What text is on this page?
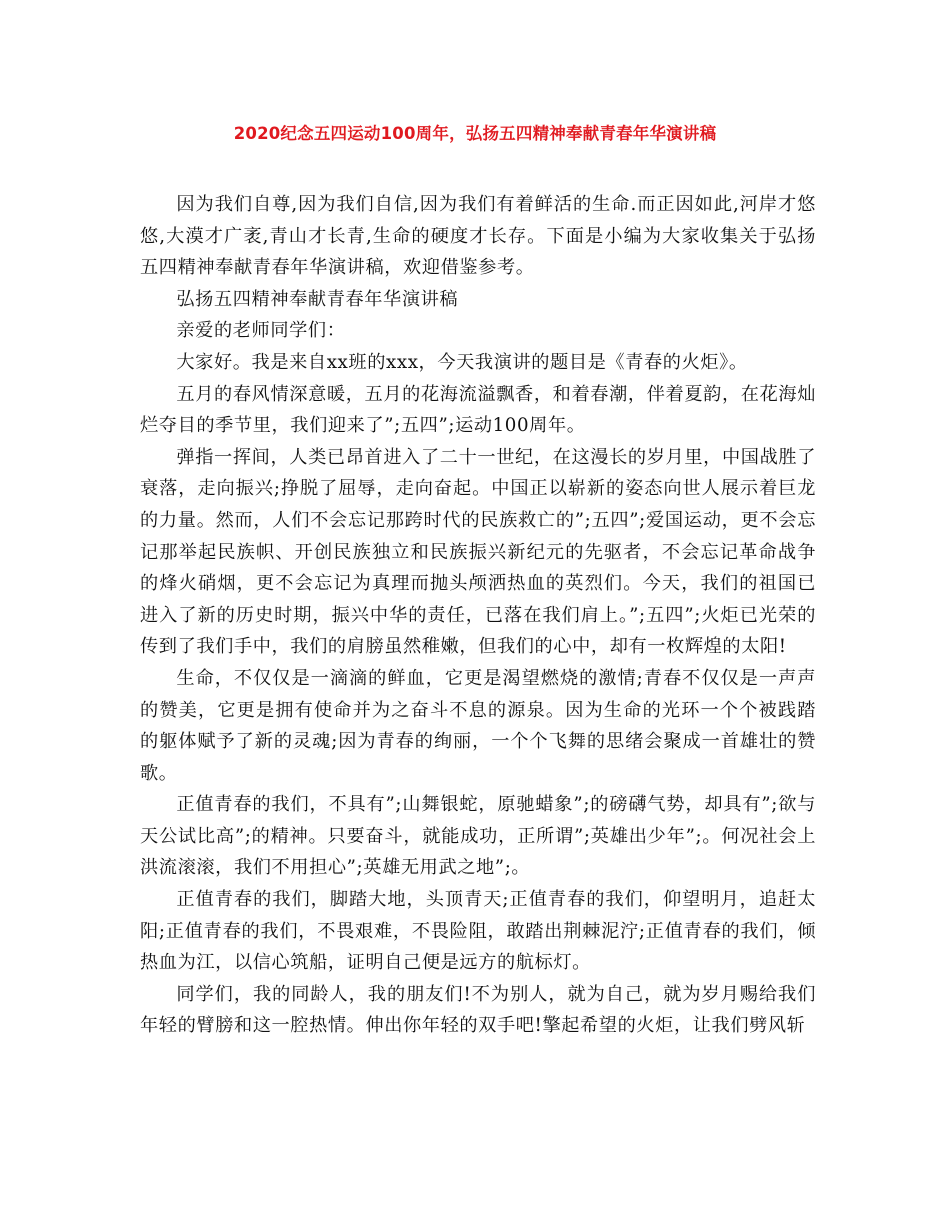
2020纪念五四运动100周年，弘扬五四精神奉献青春年华演讲稿

因为我们自尊,因为我们自信,因为我们有着鲜活的生命.而正因如此,河岸才悠悠,大漠才广袤,青山才长青,生命的硬度才长存。下面是小编为大家收集关于弘扬五四精神奉献青春年华演讲稿，欢迎借鉴参考。

弘扬五四精神奉献青春年华演讲稿

亲爱的老师同学们：

大家好。我是来自xx班的xxx，今天我演讲的题目是《青春的火炬》。

五月的春风情深意暖，五月的花海流溢飘香，和着春潮，伴着夏韵，在花海灿烂夺目的季节里，我们迎来了”;五四”;运动100周年。

弹指一挥间，人类已昂首进入了二十一世纪，在这漫长的岁月里，中国战胜了衰落，走向振兴;挣脱了屈辱，走向奋起。中国正以崭新的姿态向世人展示着巨龙的力量。然而，人们不会忘记那跨时代的民族救亡的”;五四”;爱国运动，更不会忘记那举起民族帜、开创民族独立和民族振兴新纪元的先驱者，不会忘记革命战争的烽火硝烟，更不会忘记为真理而抛头颅洒热血的英烈们。今天，我们的祖国已进入了新的历史时期，振兴中华的责任，已落在我们肩上。”;五四”;火炬已光荣的传到了我们手中，我们的肩膀虽然稚嫩，但我们的心中，却有一枚辉煌的太阳!

生命，不仅仅是一滴滴的鲜血，它更是渴望燃烧的激情;青春不仅仅是一声声的赞美，它更是拥有使命并为之奋斗不息的源泉。因为生命的光环一个个被践踏的躯体赋予了新的灵魂;因为青春的绚丽，一个个飞舞的思绪会聚成一首雄壮的赞歌。

正值青春的我们，不具有”;山舞银蛇，原驰蜡象”;的磅礴气势，却具有”;欲与天公试比高”;的精神。只要奋斗，就能成功，正所谓”;英雄出少年”;。何况社会上洪流滚滚，我们不用担心”;英雄无用武之地”;。

正值青春的我们，脚踏大地，头顶青天;正值青春的我们，仰望明月，追赶太阳;正值青春的我们，不畏艰难，不畏险阻，敢踏出荆棘泥泞;正值青春的我们，倾热血为江，以信心筑船，证明自己便是远方的航标灯。

同学们，我的同龄人，我的朋友们!不为别人，就为自己，就为岁月赐给我们年轻的臂膀和这一腔热情。伸出你年轻的双手吧!擎起希望的火炬，让我们劈风斩
